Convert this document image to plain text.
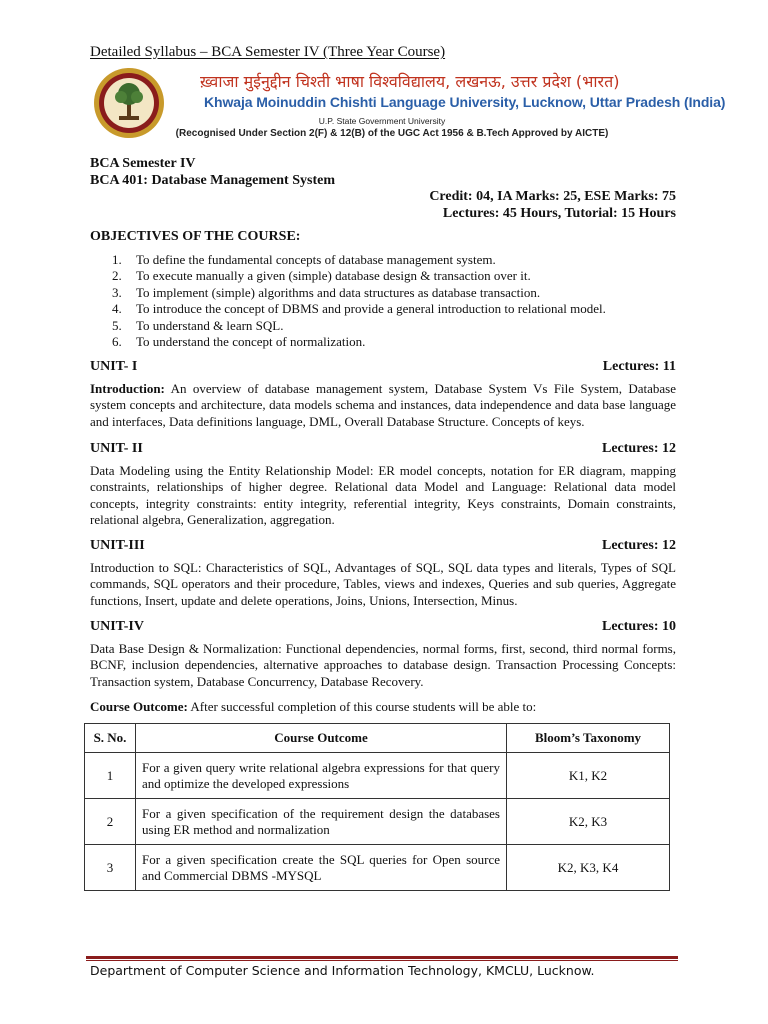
Detailed Syllabus – BCA Semester IV (Three Year Course)
ख़्वाजा मुईनुद्दीन चिश्ती भाषा विश्वविद्यालय, लखनऊ, उत्तर प्रदेश (भारत)
Khwaja Moinuddin Chishti Language University, Lucknow, Uttar Pradesh (India)
U.P. State Government University
(Recognised Under Section 2(F) & 12(B) of the UGC Act 1956 & B.Tech Approved by AICTE)
BCA Semester IV
BCA 401: Database Management System
Credit: 04, IA Marks: 25, ESE Marks: 75
Lectures: 45 Hours, Tutorial: 15 Hours
OBJECTIVES OF THE COURSE:
1. To define the fundamental concepts of database management system.
2. To execute manually a given (simple) database design & transaction over it.
3. To implement (simple) algorithms and data structures as database transaction.
4. To introduce the concept of DBMS and provide a general introduction to relational model.
5. To understand & learn SQL.
6. To understand the concept of normalization.
UNIT- I	Lectures: 11
Introduction: An overview of database management system, Database System Vs File System, Database system concepts and architecture, data models schema and instances, data independence and data base language and interfaces, Data definitions language, DML, Overall Database Structure. Concepts of keys.
UNIT- II	Lectures: 12
Data Modeling using the Entity Relationship Model: ER model concepts, notation for ER diagram, mapping constraints, relationships of higher degree. Relational data Model and Language: Relational data model concepts, integrity constraints: entity integrity, referential integrity, Keys constraints, Domain constraints, relational algebra, Generalization, aggregation.
UNIT-III	Lectures: 12
Introduction to SQL: Characteristics of SQL, Advantages of SQL, SQL data types and literals, Types of SQL commands, SQL operators and their procedure, Tables, views and indexes, Queries and sub queries, Aggregate functions, Insert, update and delete operations, Joins, Unions, Intersection, Minus.
UNIT-IV	Lectures: 10
Data Base Design & Normalization: Functional dependencies, normal forms, first, second, third normal forms, BCNF, inclusion dependencies, alternative approaches to database design. Transaction Processing Concepts: Transaction system, Database Concurrency, Database Recovery.
Course Outcome: After successful completion of this course students will be able to:
S. No.	Course Outcome	Bloom’s Taxonomy
1	For a given query write relational algebra expressions for that query and optimize the developed expressions	K1, K2
2	For a given specification of the requirement design the databases using ER method and normalization	K2, K3
3	For a given specification create the SQL queries for Open source and Commercial DBMS -MYSQL	K2, K3, K4
Department of Computer Science and Information Technology, KMCLU, Lucknow.
